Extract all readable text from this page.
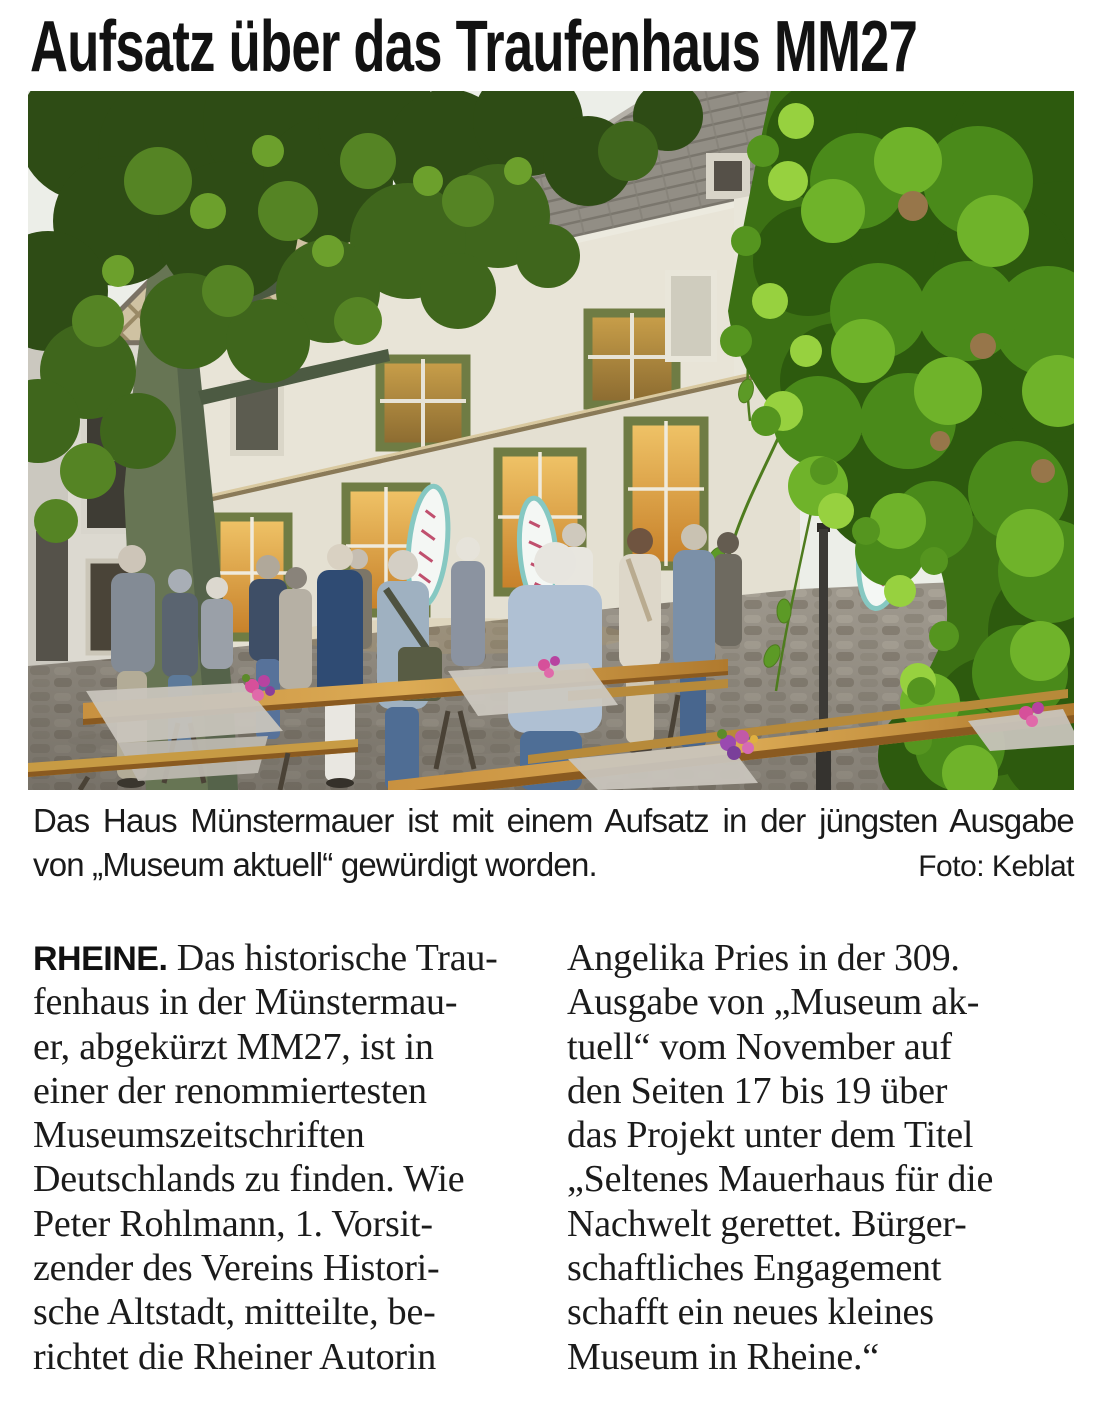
Aufsatz über das Traufenhaus MM27
Das Haus Münstermauer ist mit einem Aufsatz in der jüngsten Ausgabe
von „Museum aktuell“ gewürdigt worden.	Foto: Keblat
RHEINE. Das historische Trau-
fenhaus in der Münstermau-
er, abgekürzt MM27, ist in
einer der renommiertesten
Museumszeitschriften
Deutschlands zu finden. Wie
Peter Rohlmann, 1. Vorsit-
zender des Vereins Histori-
sche Altstadt, mitteilte, be-
richtet die Rheiner Autorin
Angelika Pries in der 309.
Ausgabe von „Museum ak-
tuell“ vom November auf
den Seiten 17 bis 19 über
das Projekt unter dem Titel
„Seltenes Mauerhaus für die
Nachwelt gerettet. Bürger-
schaftliches Engagement
schafft ein neues kleines
Museum in Rheine.“
